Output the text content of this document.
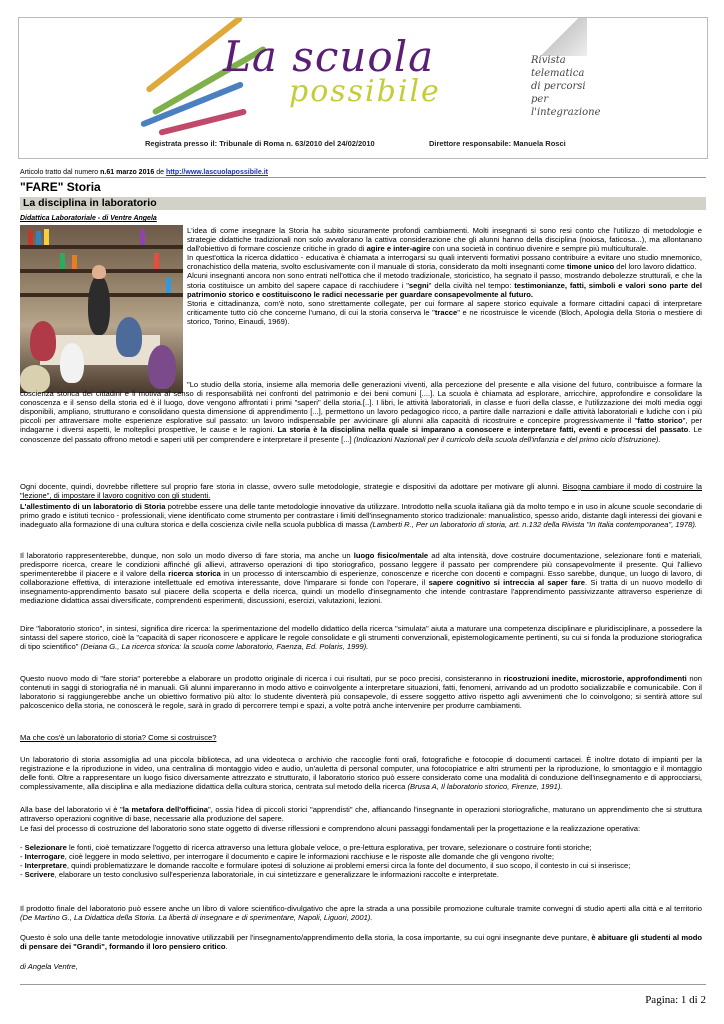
La scuola
possibile
Rivista
telematica
di percorsi
per l'integrazione
Registrata presso il: Tribunale di Roma n. 63/2010 del 24/02/2010	Direttore responsabile: Manuela Rosci
Articolo tratto dal numero n.61 marzo 2016 de http://www.lascuolapossibile.it
"FARE" Storia
La disciplina in laboratorio
Didattica Laboratoriale - di Ventre Angela
L'idea di come insegnare la Storia ha subito sicuramente profondi cambiamenti. Molti insegnanti si sono resi conto che l'utilizzo di metodologie e strategie didattiche tradizionali non solo avvalorano la cattiva considerazione che gli alunni hanno della disciplina (noiosa, faticosa...), ma allontanano dall'obiettivo di formare coscienze critiche in grado di agire e inter-agire con una società in continuo divenire e sempre più multiculturale.
In quest'ottica la ricerca didattico - educativa è chiamata a interrogarsi su quali interventi formativi possano contribuire a evitare uno studio mnemonico, cronachistico della materia, svolto esclusivamente con il manuale di storia, considerato da molti insegnanti come timone unico del loro lavoro didattico.
Alcuni insegnanti ancora non sono entrati nell'ottica che il metodo tradizionale, storicistico, ha segnato il passo, mostrando debolezze strutturali, e che la storia costituisce un ambito del sapere capace di racchiudere i "segni" della civiltà nel tempo: testimonianze, fatti, simboli e valori sono parte del patrimonio storico e costituiscono le radici necessarie per guardare consapevolmente al futuro.
Storia e cittadinanza, com'è noto, sono strettamente collegate, per cui formare al sapere storico equivale a formare cittadini capaci di interpretare criticamente tutto ciò che concerne l'umano, di cui la storia conserva le "tracce" e ne ricostruisce le vicende (Bloch, Apologia della Storia o mestiere di storico, Torino, Einaudi, 1969).
"Lo studio della storia, insieme alla memoria delle generazioni viventi, alla percezione del presente e alla visione del futuro, contribuisce a formare la coscienza storica dei cittadini e li motiva al senso di responsabilità nei confronti del patrimonio e dei beni comuni [....]. La scuola è chiamata ad esplorare, arricchire, approfondire e consolidare la conoscenza e il senso della storia ed è il luogo, dove vengono affrontati i primi "saperi" della storia.[..]. I libri, le attività laboratoriali, in classe e fuori della classe, e l'utilizzazione dei molti media oggi disponibili, ampliano, strutturano e consolidano questa dimensione di apprendimento [...], permettono un lavoro pedagogico ricco, a partire dalle narrazioni e dalle attività laboratoriali e ludiche con i più piccoli per attraversare molte esperienze esplorative sul passato: un lavoro indispensabile per avvicinare gli alunni alla capacità di ricostruire e concepire progressivamente il "fatto storico", per indagarne i diversi aspetti, le molteplici prospettive, le cause e le ragioni. La storia è la disciplina nella quale si imparano a conoscere e interpretare fatti, eventi e processi del passato. Le conoscenze del passato offrono metodi e saperi utili per comprendere e interpretare il presente [...] (Indicazioni Nazionali per il curricolo della scuola dell'infanzia e del primo ciclo d'istruzione).
Ogni docente, quindi, dovrebbe riflettere sul proprio fare storia in classe, ovvero sulle metodologie, strategie e dispositivi da adottare per motivare gli alunni. Bisogna cambiare il modo di costruire la "lezione", di impostare il lavoro cognitivo con gli studenti.
L'allestimento di un laboratorio di Storia potrebbe essere una delle tante metodologie innovative da utilizzare. Introdotto nella scuola italiana già da molto tempo e in uso in alcune scuole secondarie di primo grado e istituti tecnico - professionali, viene identificato come strumento per contrastare i limiti dell'insegnamento storico tradizionale: manualistico, spesso arido, distante dagli interessi dei giovani e inadeguato alla formazione di una cultura storica e della coscienza civile nella scuola pubblica di massa (Lamberti R., Per un laboratorio di storia, art. n.132 della Rivista "In Italia contemporanea", 1978).
Il laboratorio rappresenterebbe, dunque, non solo un modo diverso di fare storia, ma anche un luogo fisico/mentale ad alta intensità, dove costruire documentazione, selezionare fonti e materiali, predisporre ricerca, creare le condizioni affinché gli allievi, attraverso operazioni di tipo storiografico, possano leggere il passato per comprendere più consapevolmente il presente. Qui l'allievo sperimenterebbe il piacere e il valore della ricerca storica in un processo di interscambio di esperienze, conoscenze e ricerche con docenti e compagni. Esso sarebbe, dunque, un luogo di lavoro, di collaborazione effettiva, di interazione intellettuale ed emotiva interessante, dove l'imparare si fonde con l'operare, il sapere cognitivo si intreccia al saper fare. Si tratta di un nuovo modello di insegnamento-apprendimento basato sul piacere della scoperta e della ricerca, quindi un modello d'insegnamento che intende contrastare l'apprendimento passivizzante attraverso esperienze di mediazione didattica assai diversificate, comprendenti esperimenti, discussioni, esercizi, valutazioni, lezioni.
Dire "laboratorio storico", in sintesi, significa dire ricerca: la sperimentazione del modello didattico della ricerca "simulata" aiuta a maturare una competenza disciplinare e pluridisciplinare, a possedere la sintassi del sapere storico, cioè la "capacità di saper riconoscere e applicare le regole consolidate e gli strumenti convenzionali, epistemologicamente pertinenti, su cui si fonda la produzione storiografica di tipo scientifico" (Deiana G., La ricerca storica: la scuola come laboratorio, Faenza, Ed. Polaris, 1999).
Questo nuovo modo di "fare storia" porterebbe a elaborare un prodotto originale di ricerca i cui risultati, pur se poco precisi, consisteranno in ricostruzioni inedite, microstorie, approfondimenti non contenuti in saggi di storiografia né in manuali. Gli alunni impareranno in modo attivo e coinvolgente a interpretare situazioni, fatti, fenomeni, arrivando ad un prodotto socializzabile e comunicabile. Con il laboratorio si raggiungerebbe anche un obiettivo formativo più alto: lo studente diventerà più consapevole, di essere soggetto attivo rispetto agli avvenimenti che lo coinvolgono; si sentirà attore sul palcoscenico della storia, ne conoscerà le regole, sarà in grado di percorrere tempi e spazi, a volte potrà anche intervenire per produrre cambiamenti.
Ma che cos'è un laboratorio di storia? Come si costruisce?
Un laboratorio di storia assomiglia ad una piccola biblioteca, ad una videoteca o archivio che raccoglie fonti orali, fotografiche e fotocopie di documenti cartacei. È inoltre dotato di impianti per la registrazione e la riproduzione in video, una centralina di montaggio video e audio, un'auletta di personal computer, una fotocopiatrice e altri strumenti per la riproduzione, lo smontaggio e il montaggio delle fonti. Oltre a rappresentare un luogo fisico diversamente attrezzato e strutturato, il laboratorio storico può essere considerato come una modalità di conduzione dell'insegnamento e di approcciarsi, complessivamente, alla disciplina e alla mediazione didattica della cultura storica, centrata sul metodo della ricerca (Brusa A, Il laboratorio storico, Firenze, 1991).
Alla base del laboratorio vi è "la metafora dell'officina", ossia l'idea di piccoli storici "apprendisti" che, affiancando l'insegnante in operazioni storiografiche, maturano un apprendimento che si struttura attraverso operazioni cognitive di base, necessarie alla produzione del sapere.
Le fasi del processo di costruzione del laboratorio sono state oggetto di diverse riflessioni e comprendono alcuni passaggi fondamentali per la progettazione e la realizzazione operativa:
- Selezionare le fonti, cioè tematizzare l'oggetto di ricerca attraverso una lettura globale veloce, o pre-lettura esplorativa, per trovare, selezionare o costruire fonti storiche;
- Interrogare, cioè leggere in modo selettivo, per interrogare il documento e capire le informazioni racchiuse e le risposte alle domande che gli vengono rivolte;
- Interpretare, quindi problematizzare le domande raccolte e formulare ipotesi di soluzione ai problemi emersi circa la fonte del documento, il suo scopo, il contesto in cui si inserisce;
- Scrivere, elaborare un testo conclusivo sull'esperienza laboratoriale, in cui sintetizzare e generalizzare le informazioni raccolte e interpretate.
Il prodotto finale del laboratorio può essere anche un libro di valore scientifico-divulgativo che apre la strada a una possibile promozione culturale tramite convegni di studio aperti alla città e al territorio (De Martino G., La Didattica della Storia. La libertà di insegnare e di sperimentare, Napoli, Liguori, 2001).
Questo è solo una delle tante metodologie innovative utilizzabili per l'insegnamento/apprendimento della storia, la cosa importante, su cui ogni insegnante deve puntare, è abituare gli studenti al modo di pensare dei "Grandi", formando il loro pensiero critico.
di Angela Ventre,
Pagina: 1 di 2
